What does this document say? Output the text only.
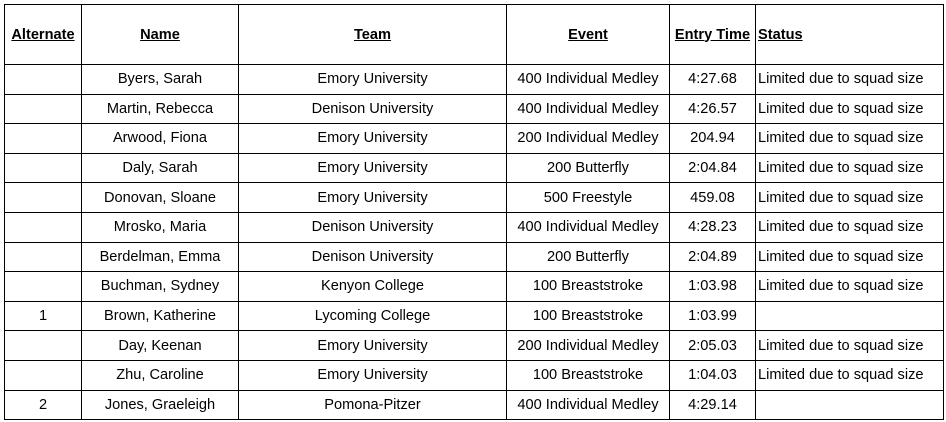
Alternate	Name	Team	Event	Entry Time	Status
	Byers, Sarah	Emory University	400 Individual Medley	4:27.68	Limited due to squad size
	Martin, Rebecca	Denison University	400 Individual Medley	4:26.57	Limited due to squad size
	Arwood, Fiona	Emory University	200 Individual Medley	204.94	Limited due to squad size
	Daly, Sarah	Emory University	200 Butterfly	2:04.84	Limited due to squad size
	Donovan, Sloane	Emory University	500 Freestyle	459.08	Limited due to squad size
	Mrosko, Maria	Denison University	400 Individual Medley	4:28.23	Limited due to squad size
	Berdelman, Emma	Denison University	200 Butterfly	2:04.89	Limited due to squad size
	Buchman, Sydney	Kenyon College	100 Breaststroke	1:03.98	Limited due to squad size
1	Brown, Katherine	Lycoming College	100 Breaststroke	1:03.99	
	Day, Keenan	Emory University	200 Individual Medley	2:05.03	Limited due to squad size
	Zhu, Caroline	Emory University	100 Breaststroke	1:04.03	Limited due to squad size
2	Jones, Graeleigh	Pomona-Pitzer	400 Individual Medley	4:29.14	
